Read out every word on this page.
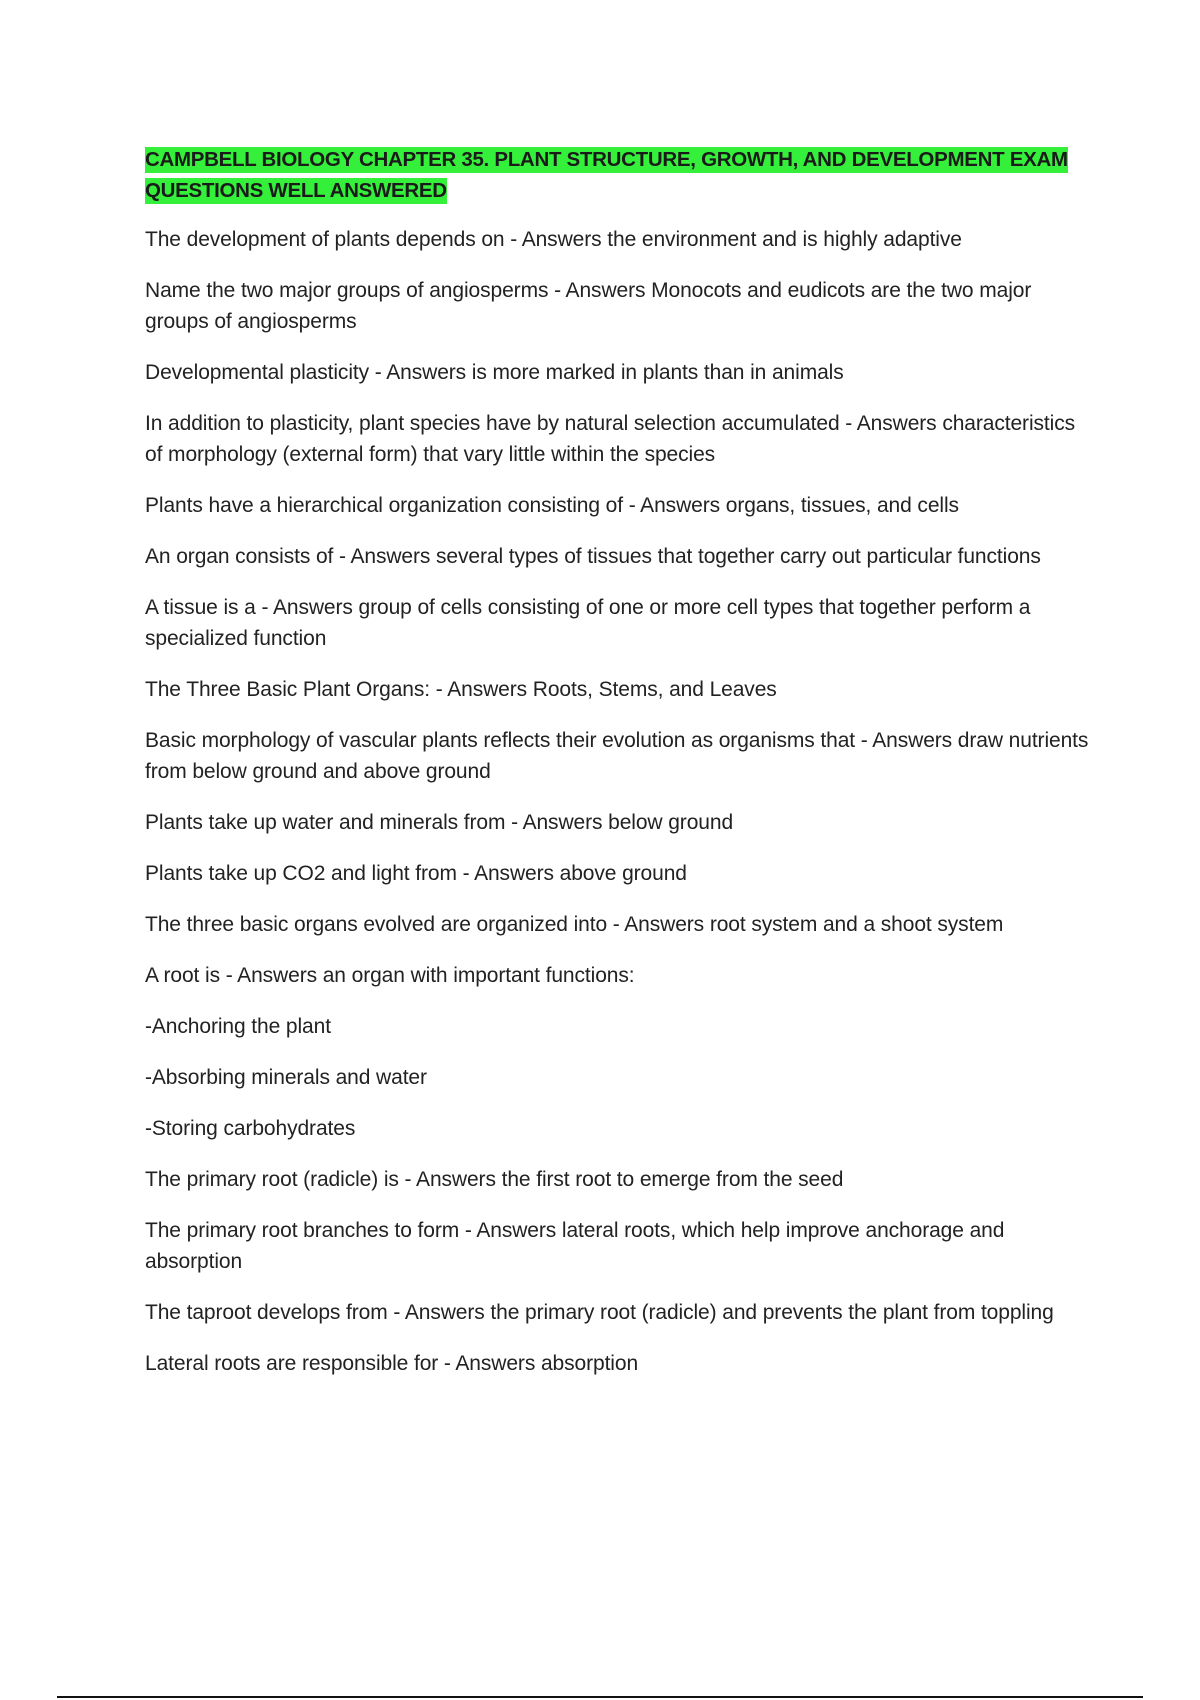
CAMPBELL BIOLOGY CHAPTER 35. PLANT STRUCTURE, GROWTH, AND DEVELOPMENT EXAM QUESTIONS WELL ANSWERED

The development of plants depends on - Answers the environment and is highly adaptive

Name the two major groups of angiosperms - Answers Monocots and eudicots are the two major groups of angiosperms

Developmental plasticity - Answers is more marked in plants than in animals

In addition to plasticity, plant species have by natural selection accumulated - Answers characteristics of morphology (external form) that vary little within the species

Plants have a hierarchical organization consisting of - Answers organs, tissues, and cells

An organ consists of - Answers several types of tissues that together carry out particular functions

A tissue is a - Answers group of cells consisting of one or more cell types that together perform a specialized function

The Three Basic Plant Organs: - Answers Roots, Stems, and Leaves

Basic morphology of vascular plants reflects their evolution as organisms that - Answers draw nutrients from below ground and above ground

Plants take up water and minerals from - Answers below ground

Plants take up CO2 and light from - Answers above ground

The three basic organs evolved are organized into - Answers root system and a shoot system

A root is - Answers an organ with important functions:

-Anchoring the plant

-Absorbing minerals and water

-Storing carbohydrates

The primary root (radicle) is - Answers the first root to emerge from the seed

The primary root branches to form - Answers lateral roots, which help improve anchorage and absorption

The taproot develops from - Answers the primary root (radicle) and prevents the plant from toppling

Lateral roots are responsible for - Answers absorption
